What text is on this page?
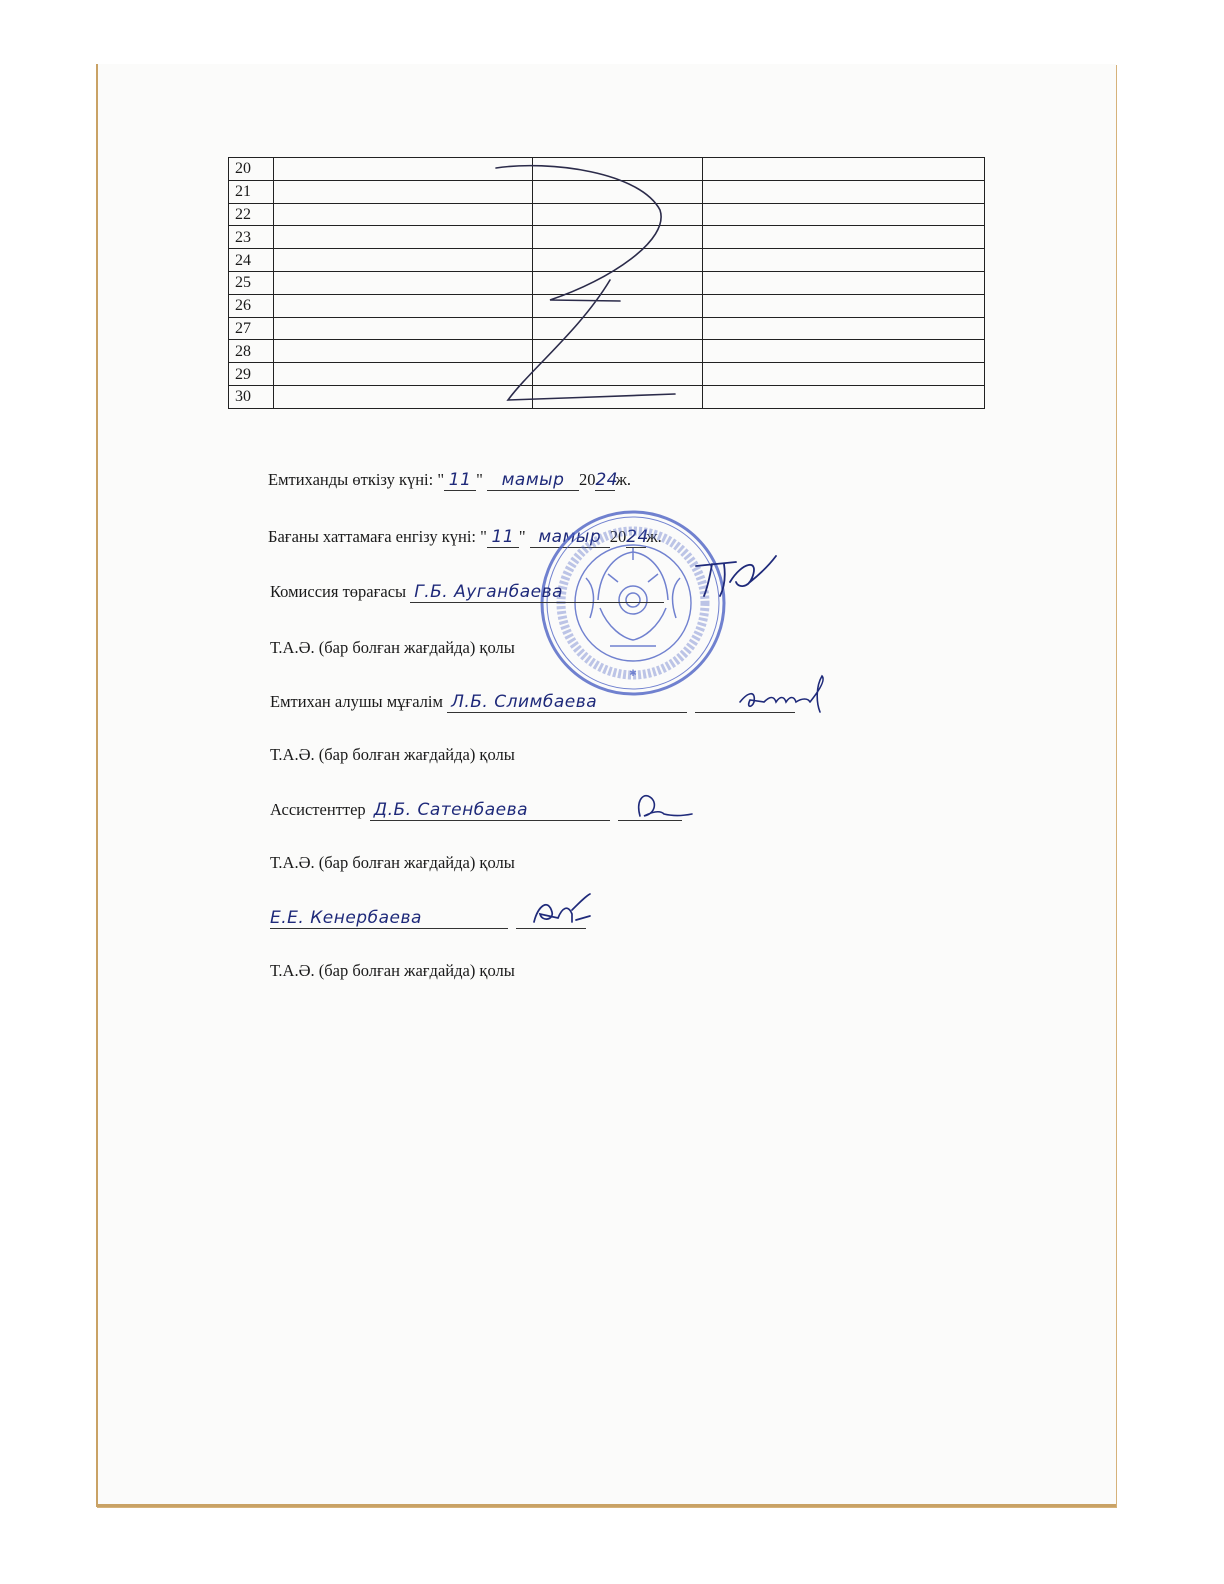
20			
21			
22			
23			
24			
25			
26			
27			
28			
29			
30			
Емтиханды өткізу күні: " 11 " мамыр 2024ж.
Бағаны хаттамаға енгізу күні: " 11 " мамыр 2024ж.
✱
Комиссия төрағасы Г.Б. Ауганбаева
Т.А.Ә. (бар болған жағдайда) қолы
Емтихан алушы мұғалім Л.Б. Слимбаева
Т.А.Ә. (бар болған жағдайда) қолы
Ассистенттер Д.Б. Сатенбаева
Т.А.Ә. (бар болған жағдайда) қолы
Е.Е. Кенербаева
Т.А.Ә. (бар болған жағдайда) қолы
